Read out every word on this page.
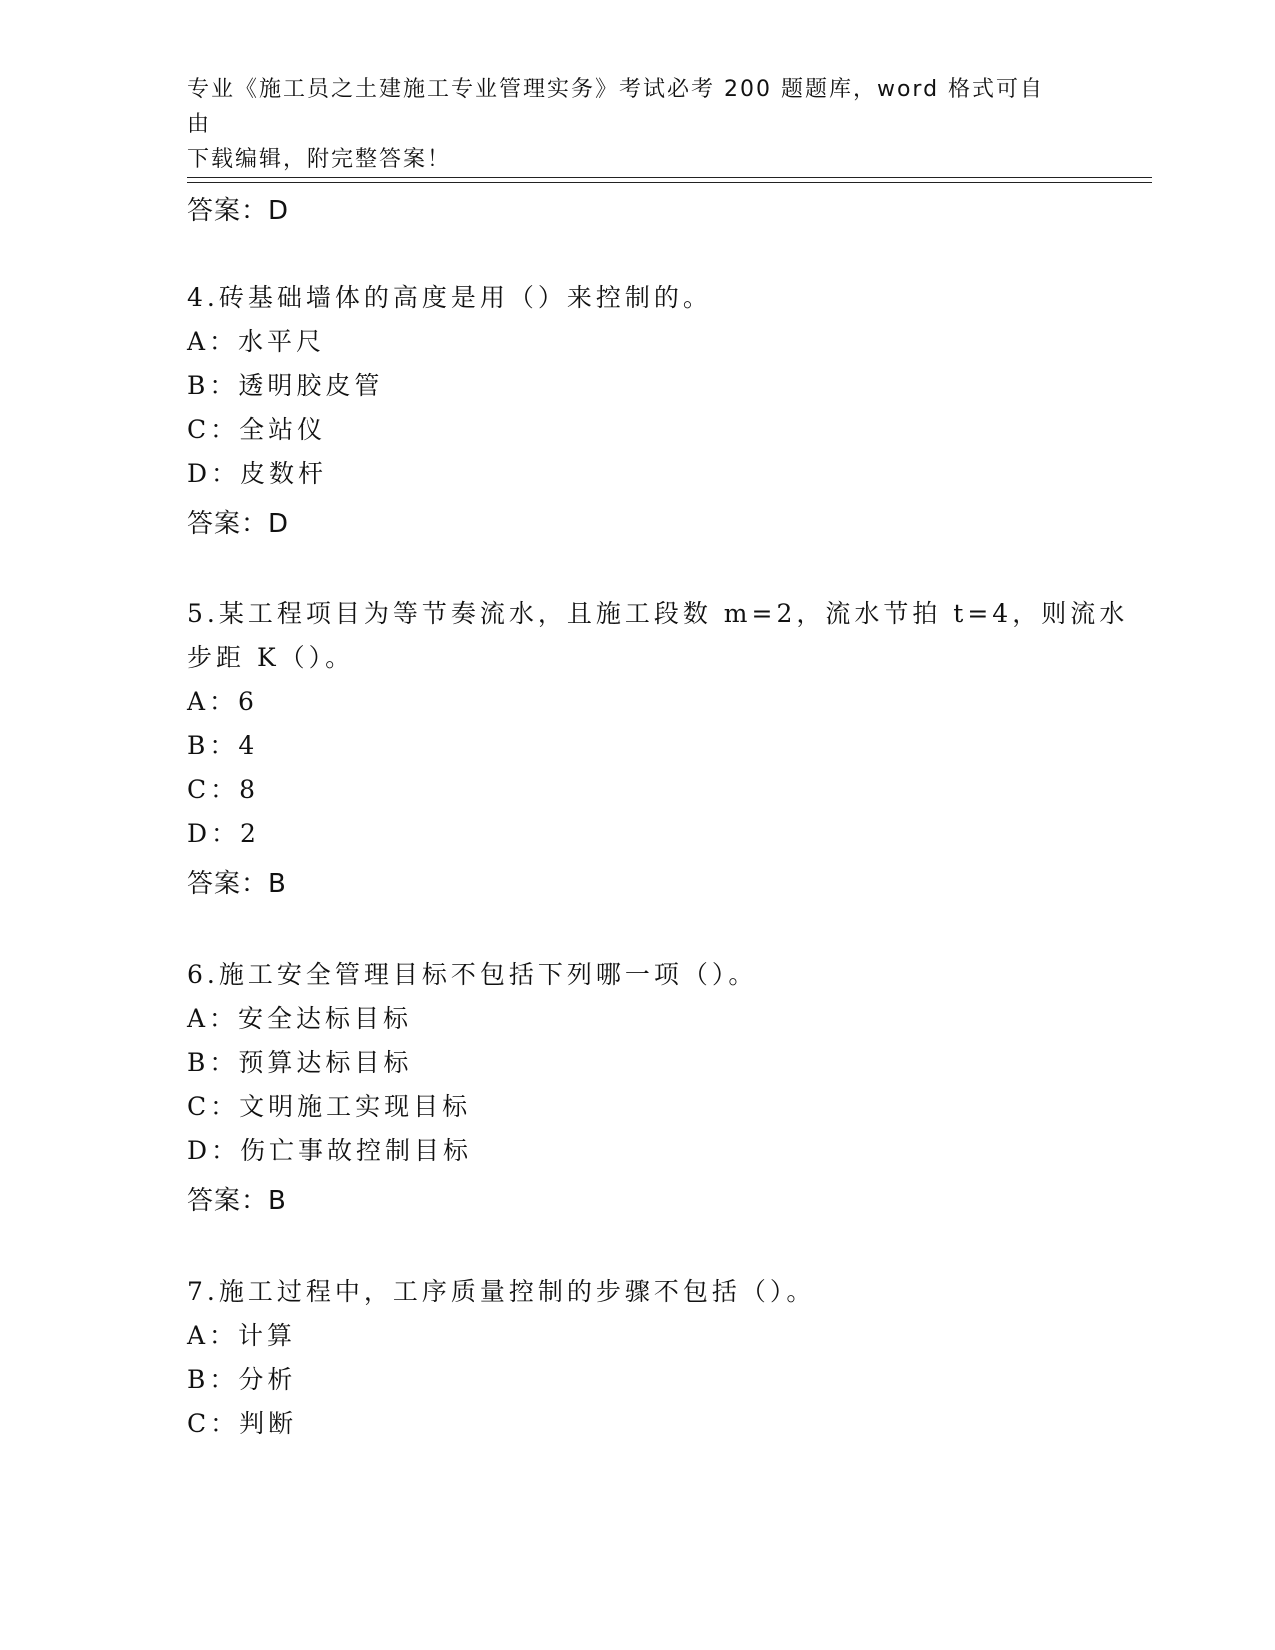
专业《施工员之土建施工专业管理实务》考试必考 200 题题库，word 格式可自由
下载编辑，附完整答案！
答案：D
4.砖基础墙体的高度是用（）来控制的。
A：水平尺
B：透明胶皮管
C：全站仪
D：皮数杆
答案：D
5.某工程项目为等节奏流水，且施工段数 m=2，流水节拍 t=4，则流水
步距 K（）。
A：6
B：4
C：8
D：2
答案：B
6.施工安全管理目标不包括下列哪一项（）。
A：安全达标目标
B：预算达标目标
C：文明施工实现目标
D：伤亡事故控制目标
答案：B
7.施工过程中，工序质量控制的步骤不包括（）。
A：计算
B：分析
C：判断
